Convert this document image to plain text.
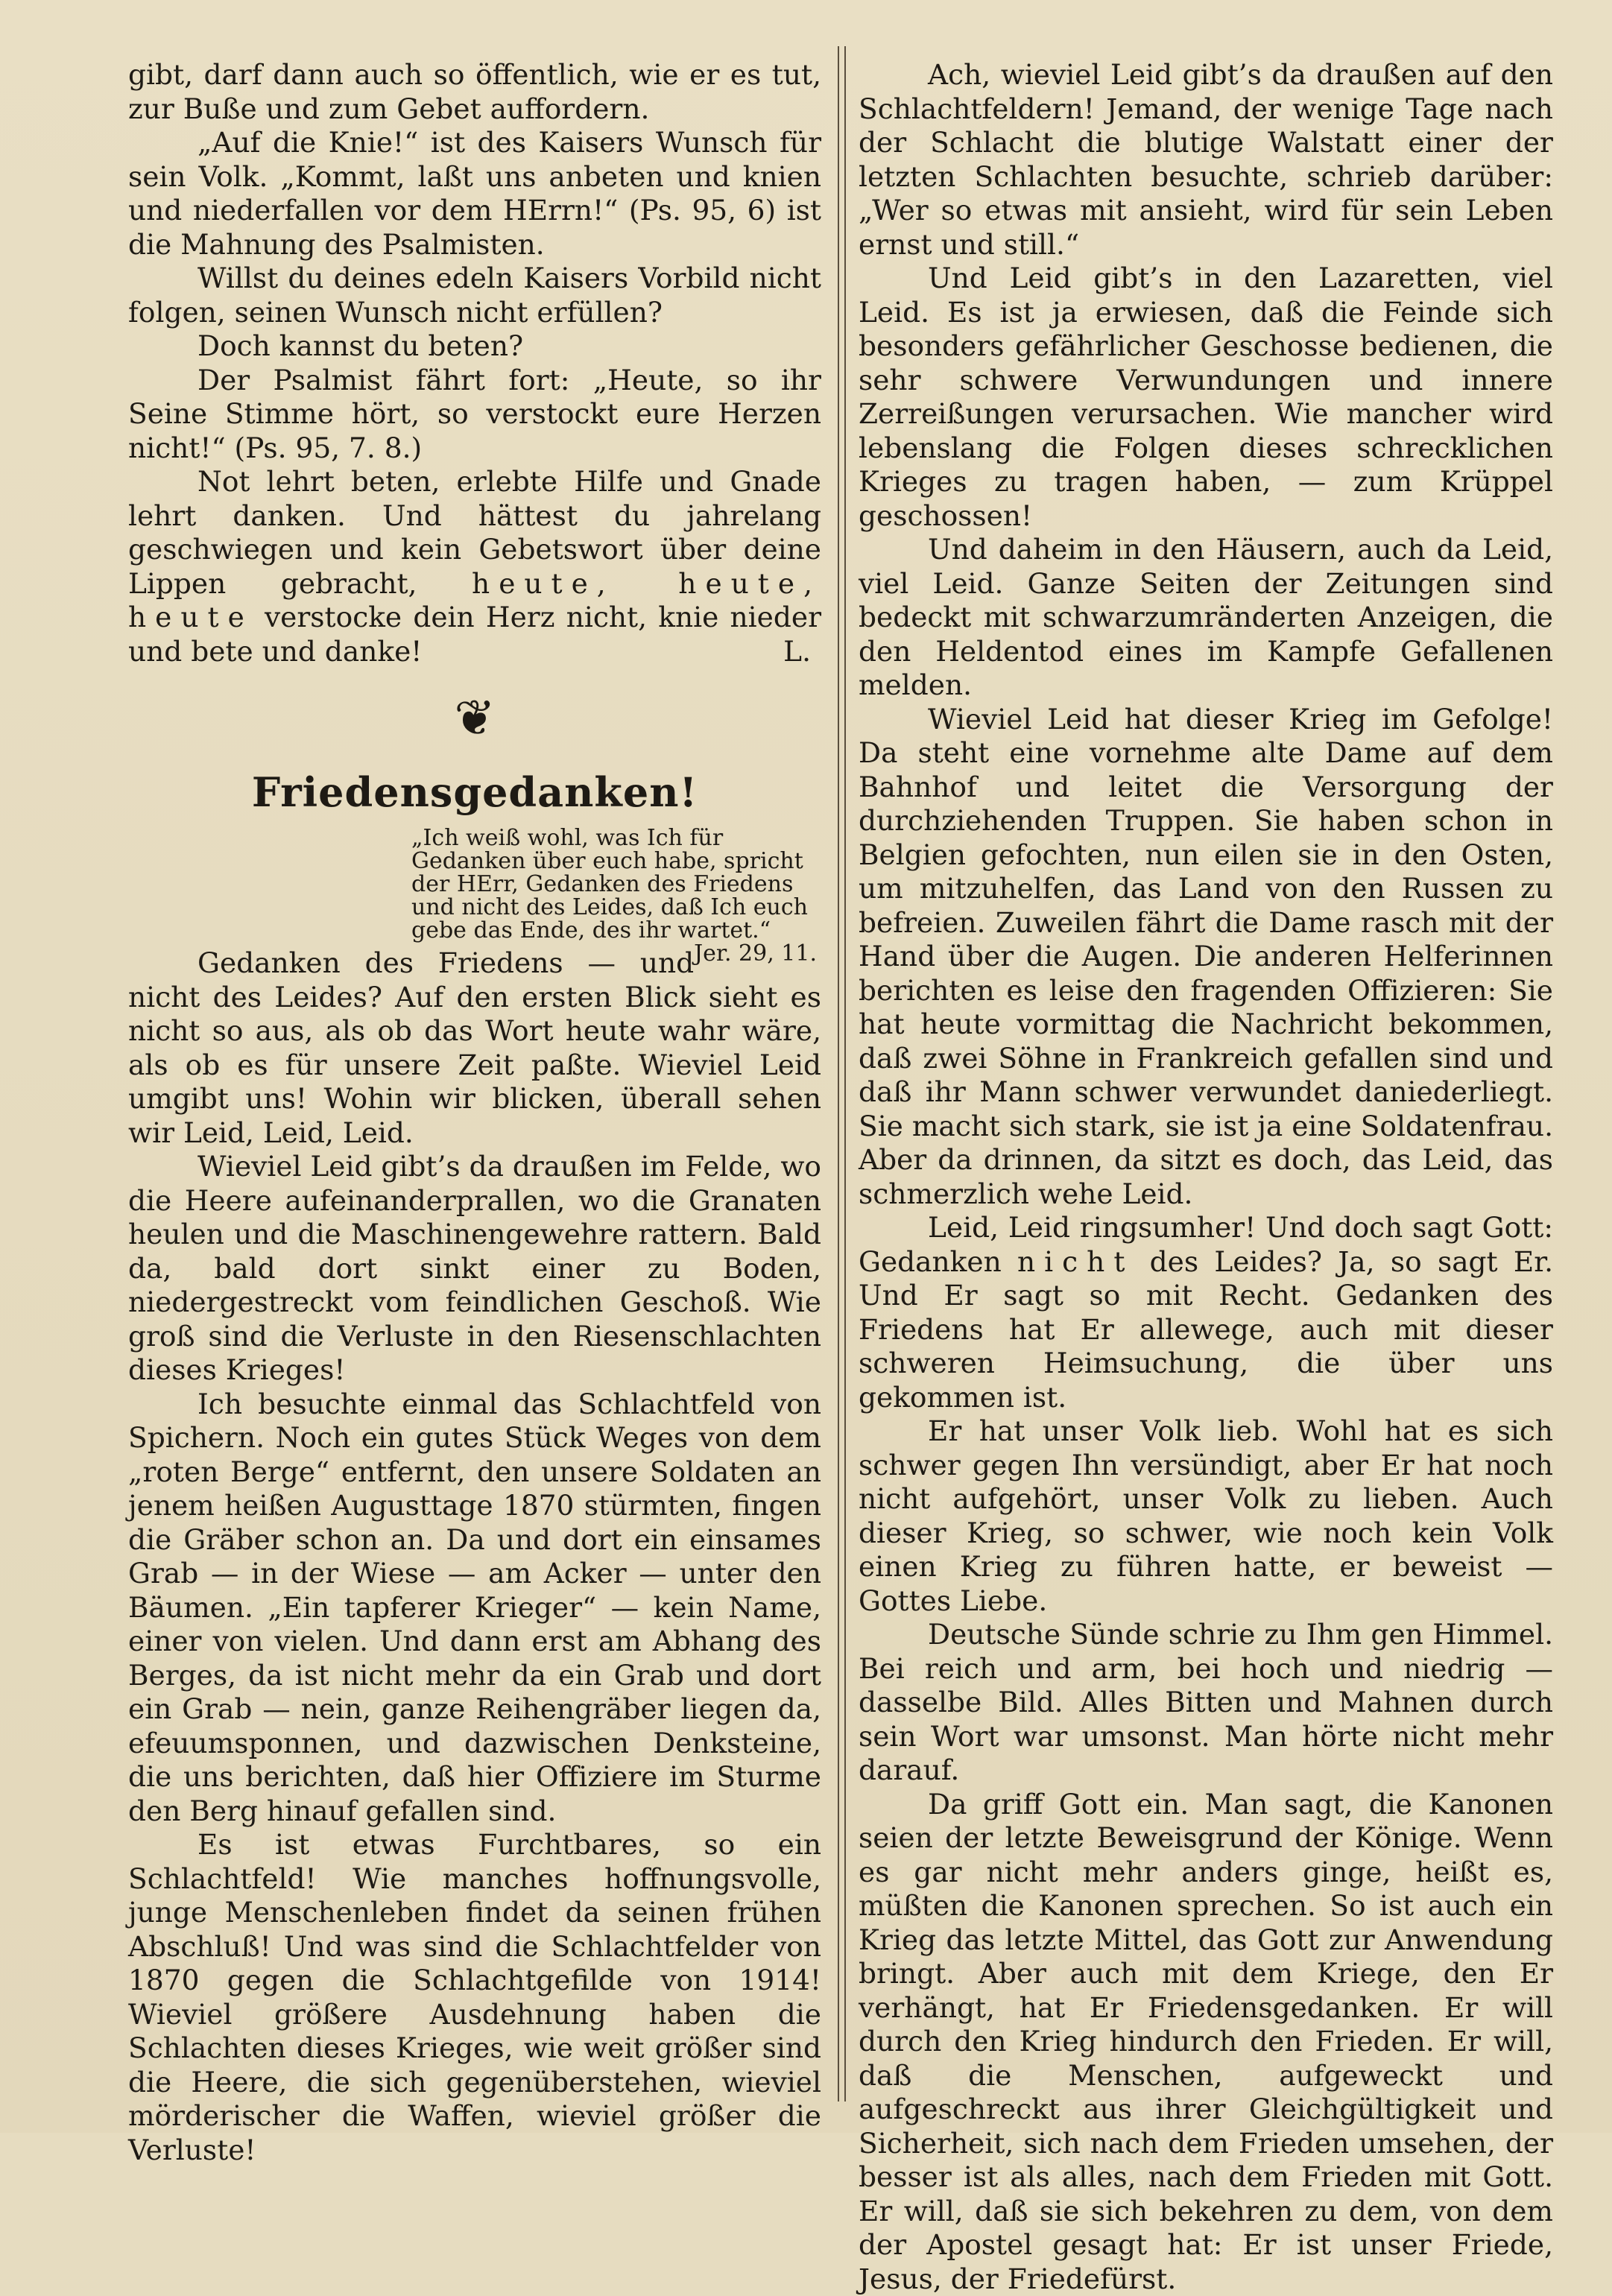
gibt, darf dann auch so öffentlich, wie er es tut, zur Buße und zum Gebet auffordern.

„Auf die Knie!“ ist des Kaisers Wunsch für sein Volk. „Kommt, laßt uns anbeten und knien und niederfallen vor dem HErrn!“ (Ps. 95, 6) ist die Mahnung des Psalmisten.

Willst du deines edeln Kaisers Vorbild nicht folgen, seinen Wunsch nicht erfüllen?

Doch kannst du beten?

Der Psalmist fährt fort: „Heute, so ihr Seine Stimme hört, so verstockt eure Herzen nicht!“ (Ps. 95, 7. 8.)

Not lehrt beten, erlebte Hilfe und Gnade lehrt danken. Und hättest du jahrelang geschwiegen und kein Gebetswort über deine Lippen gebracht, heute, heute, heute verstocke dein Herz nicht, knie nieder und bete und danke!	L.

❦
Friedensgedanken!

„Ich weiß wohl, was Ich für Gedanken über euch habe, spricht der HErr, Gedanken des Friedens und nicht des Leides, daß Ich euch gebe das Ende, des ihr wartet.“
Jer. 29, 11.

Gedanken des Friedens — und nicht des Leides? Auf den ersten Blick sieht es nicht so aus, als ob das Wort heute wahr wäre, als ob es für unsere Zeit paßte. Wieviel Leid umgibt uns! Wohin wir blicken, überall sehen wir Leid, Leid, Leid.

Wieviel Leid gibt’s da draußen im Felde, wo die Heere aufeinanderprallen, wo die Granaten heulen und die Maschinengewehre rattern. Bald da, bald dort sinkt einer zu Boden, niedergestreckt vom feindlichen Geschoß. Wie groß sind die Verluste in den Riesenschlachten dieses Krieges!

Ich besuchte einmal das Schlachtfeld von Spichern. Noch ein gutes Stück Weges von dem „roten Berge“ entfernt, den unsere Soldaten an jenem heißen Augusttage 1870 stürmten, fingen die Gräber schon an. Da und dort ein einsames Grab — in der Wiese — am Acker — unter den Bäumen. „Ein tapferer Krieger“ — kein Name, einer von vielen. Und dann erst am Abhang des Berges, da ist nicht mehr da ein Grab und dort ein Grab — nein, ganze Reihengräber liegen da, efeuumsponnen, und dazwischen Denksteine, die uns berichten, daß hier Offiziere im Sturme den Berg hinauf gefallen sind.

Es ist etwas Furchtbares, so ein Schlachtfeld! Wie manches hoffnungsvolle, junge Menschenleben findet da seinen frühen Abschluß! Und was sind die Schlachtfelder von 1870 gegen die Schlachtgefilde von 1914! Wieviel größere Ausdehnung haben die Schlachten dieses Krieges, wie weit größer sind die Heere, die sich gegenüberstehen, wieviel mörderischer die Waffen, wieviel größer die Verluste!

Ach, wieviel Leid gibt’s da draußen auf den Schlachtfeldern! Jemand, der wenige Tage nach der Schlacht die blutige Walstatt einer der letzten Schlachten besuchte, schrieb darüber: „Wer so etwas mit ansieht, wird für sein Leben ernst und still.“

Und Leid gibt’s in den Lazaretten, viel Leid. Es ist ja erwiesen, daß die Feinde sich besonders gefährlicher Geschosse bedienen, die sehr schwere Verwundungen und innere Zerreißungen verursachen. Wie mancher wird lebenslang die Folgen dieses schrecklichen Krieges zu tragen haben, — zum Krüppel geschossen!

Und daheim in den Häusern, auch da Leid, viel Leid. Ganze Seiten der Zeitungen sind bedeckt mit schwarzumränderten Anzeigen, die den Heldentod eines im Kampfe Gefallenen melden.

Wieviel Leid hat dieser Krieg im Gefolge! Da steht eine vornehme alte Dame auf dem Bahnhof und leitet die Versorgung der durchziehenden Truppen. Sie haben schon in Belgien gefochten, nun eilen sie in den Osten, um mitzuhelfen, das Land von den Russen zu befreien. Zuweilen fährt die Dame rasch mit der Hand über die Augen. Die anderen Helferinnen berichten es leise den fragenden Offizieren: Sie hat heute vormittag die Nachricht bekommen, daß zwei Söhne in Frankreich gefallen sind und daß ihr Mann schwer verwundet daniederliegt. Sie macht sich stark, sie ist ja eine Soldatenfrau. Aber da drinnen, da sitzt es doch, das Leid, das schmerzlich wehe Leid.

Leid, Leid ringsumher! Und doch sagt Gott: Gedanken nicht des Leides? Ja, so sagt Er. Und Er sagt so mit Recht. Gedanken des Friedens hat Er allewege, auch mit dieser schweren Heimsuchung, die über uns gekommen ist.

Er hat unser Volk lieb. Wohl hat es sich schwer gegen Ihn versündigt, aber Er hat noch nicht aufgehört, unser Volk zu lieben. Auch dieser Krieg, so schwer, wie noch kein Volk einen Krieg zu führen hatte, er beweist — Gottes Liebe.

Deutsche Sünde schrie zu Ihm gen Himmel. Bei reich und arm, bei hoch und niedrig — dasselbe Bild. Alles Bitten und Mahnen durch sein Wort war umsonst. Man hörte nicht mehr darauf.

Da griff Gott ein. Man sagt, die Kanonen seien der letzte Beweisgrund der Könige. Wenn es gar nicht mehr anders ginge, heißt es, müßten die Kanonen sprechen. So ist auch ein Krieg das letzte Mittel, das Gott zur Anwendung bringt. Aber auch mit dem Kriege, den Er verhängt, hat Er Friedensgedanken. Er will durch den Krieg hindurch den Frieden. Er will, daß die Menschen, aufgeweckt und aufgeschreckt aus ihrer Gleichgültigkeit und Sicherheit, sich nach dem Frieden umsehen, der besser ist als alles, nach dem Frieden mit Gott. Er will, daß sie sich bekehren zu dem, von dem der Apostel gesagt hat: Er ist unser Friede, Jesus, der Friedefürst.
